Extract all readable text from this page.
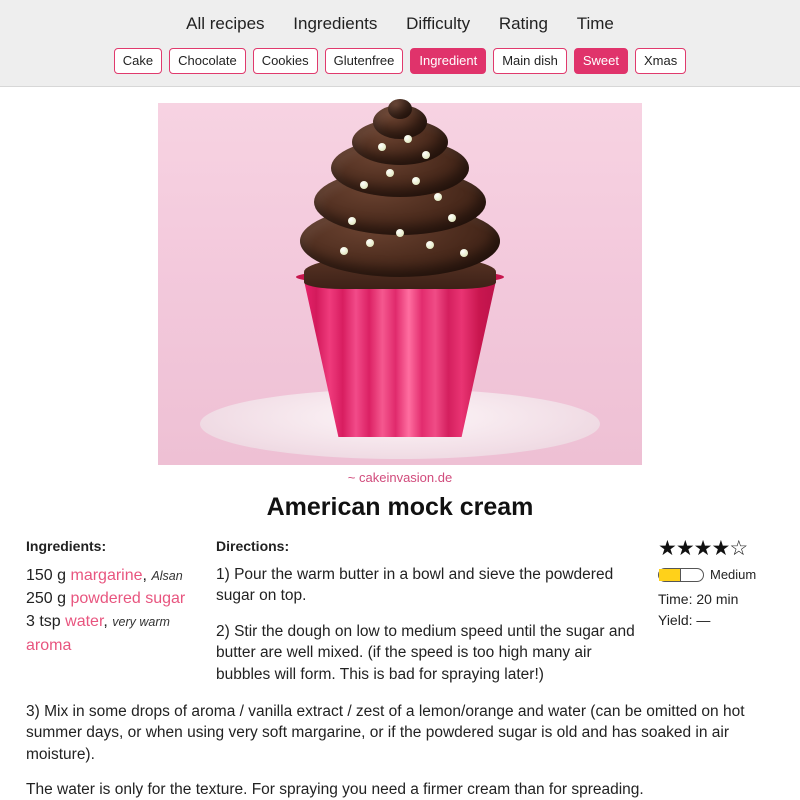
All recipes Ingredients Difficulty Rating Time
Cake	Chocolate	Cookies	Glutenfree	Ingredient	Main dish	Sweet	Xmas
~ cakeinvasion.de
American mock cream
Ingredients:
150 g margarine, Alsan
250 g powdered sugar
3 tsp water, very warm
aroma
Directions:

1) Pour the warm butter in a bowl and sieve the powdered sugar on top.

2) Stir the dough on low to medium speed until the sugar and butter are well mixed. (if the speed is too high many air bubbles will form. This is bad for spraying later!)

★★★★☆
Medium
Time: 20 min
Yield: —

3) Mix in some drops of aroma / vanilla extract / zest of a lemon/orange and water (can be omitted on hot summer days, or when using very soft margarine, or if the powdered sugar is old and has soaked in air moisture).

The water is only for the texture. For spraying you need a firmer cream than for spreading.
